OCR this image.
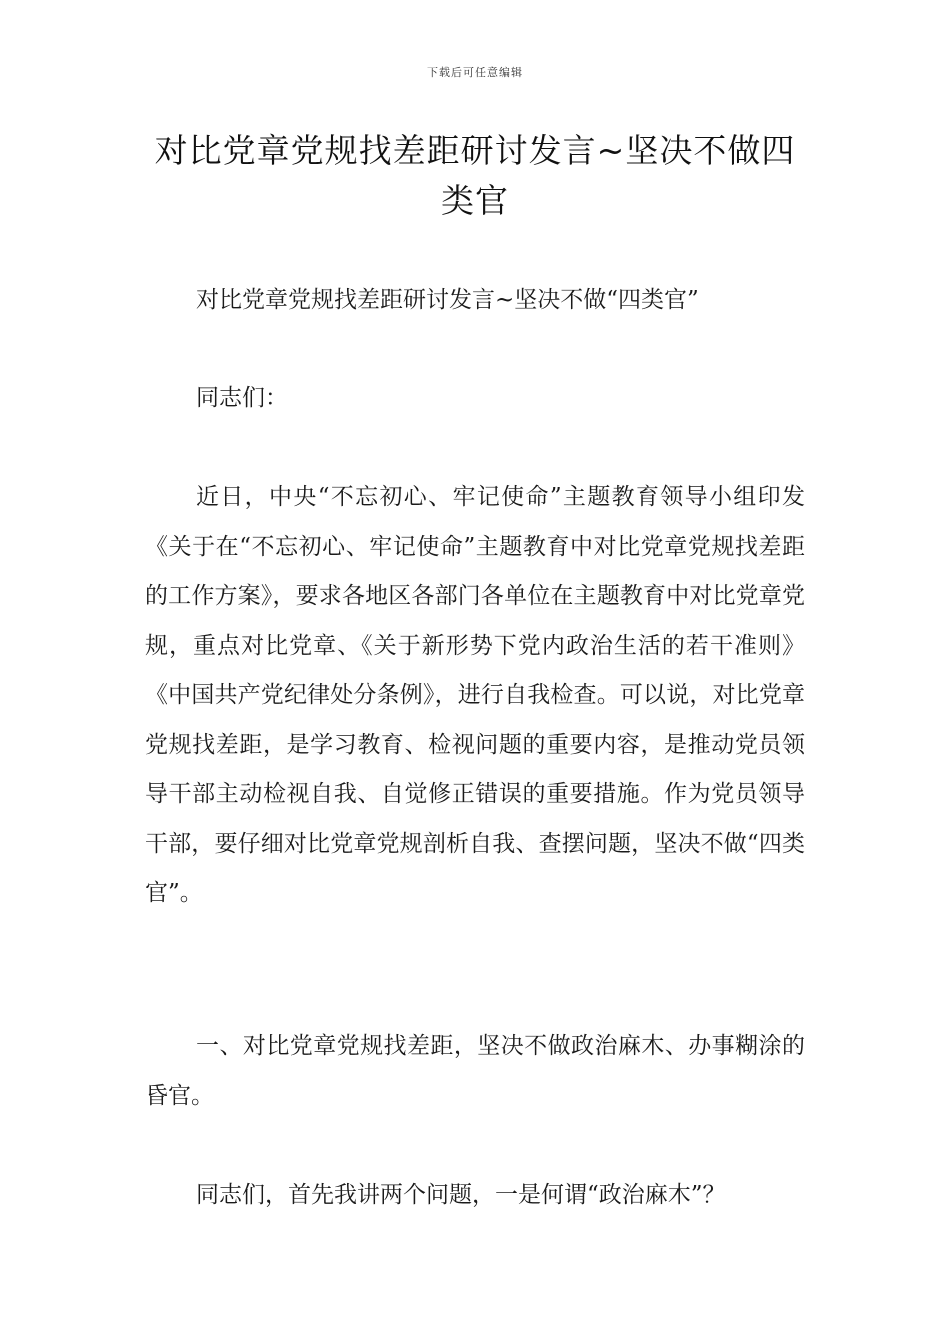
下载后可任意编辑
对比党章党规找差距研讨发言~坚决不做四类官

对比党章党规找差距研讨发言~坚决不做“四类官”

同志们：

近日，中央“不忘初心、牢记使命”主题教育领导小组印发《关于在“不忘初心、牢记使命”主题教育中对比党章党规找差距的工作方案》，要求各地区各部门各单位在主题教育中对比党章党规，重点对比党章、《关于新形势下党内政治生活的若干准则》《中国共产党纪律处分条例》，进行自我检查。可以说，对比党章党规找差距，是学习教育、检视问题的重要内容，是推动党员领导干部主动检视自我、自觉修正错误的重要措施。作为党员领导干部，要仔细对比党章党规剖析自我、查摆问题，坚决不做“四类官”。

一、对比党章党规找差距，坚决不做政治麻木、办事糊涂的昏官。

同志们，首先我讲两个问题，一是何谓“政治麻木”？
